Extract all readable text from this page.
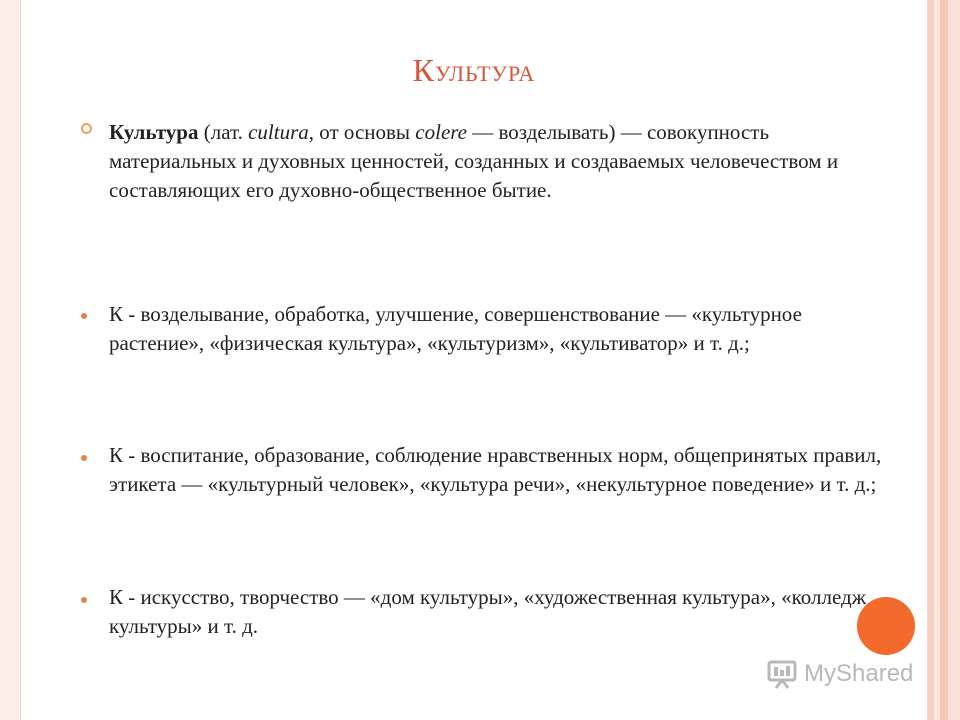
Культура
Культура (лат. cultura, от основы colere — возделывать) — совокупность материальных и духовных ценностей, созданных и создаваемых человечеством и составляющих его духовно-общественное бытие.
К - возделывание, обработка, улучшение, совершенствование — «культурное растение», «физическая культура», «культуризм», «культиватор» и т. д.;
К - воспитание, образование, соблюдение нравственных норм, общепринятых правил, этикета — «культурный человек», «культура речи», «некультурное поведение» и т. д.;
К - искусство, творчество — «дом культуры», «художественная культура», «колледж культуры» и т. д.
MyShared
